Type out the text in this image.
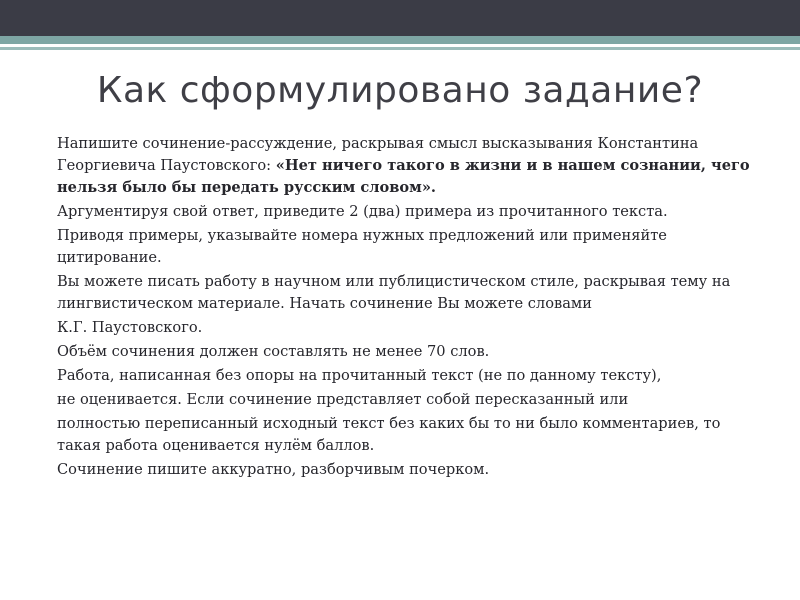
Как сформулировано задание?

Напишите сочинение-рассуждение, раскрывая смысл высказывания Константина Георгиевича Паустовского: «Нет ничего такого в жизни и в нашем сознании, чего нельзя было бы передать русским словом».

Аргументируя свой ответ, приведите 2 (два) примера из прочитанного текста.

Приводя примеры, указывайте номера нужных предложений или применяйте цитирование.

Вы можете писать работу в научном или публицистическом стиле, раскрывая тему на лингвистическом материале. Начать сочинение Вы можете словами

К.Г. Паустовского.

Объём сочинения должен составлять не менее 70 слов.

Работа, написанная без опоры на прочитанный текст (не по данному тексту),

не оценивается. Если сочинение представляет собой пересказанный или

полностью переписанный исходный текст без каких бы то ни было комментариев, то такая работа оценивается нулём баллов.

Сочинение пишите аккуратно, разборчивым почерком.
